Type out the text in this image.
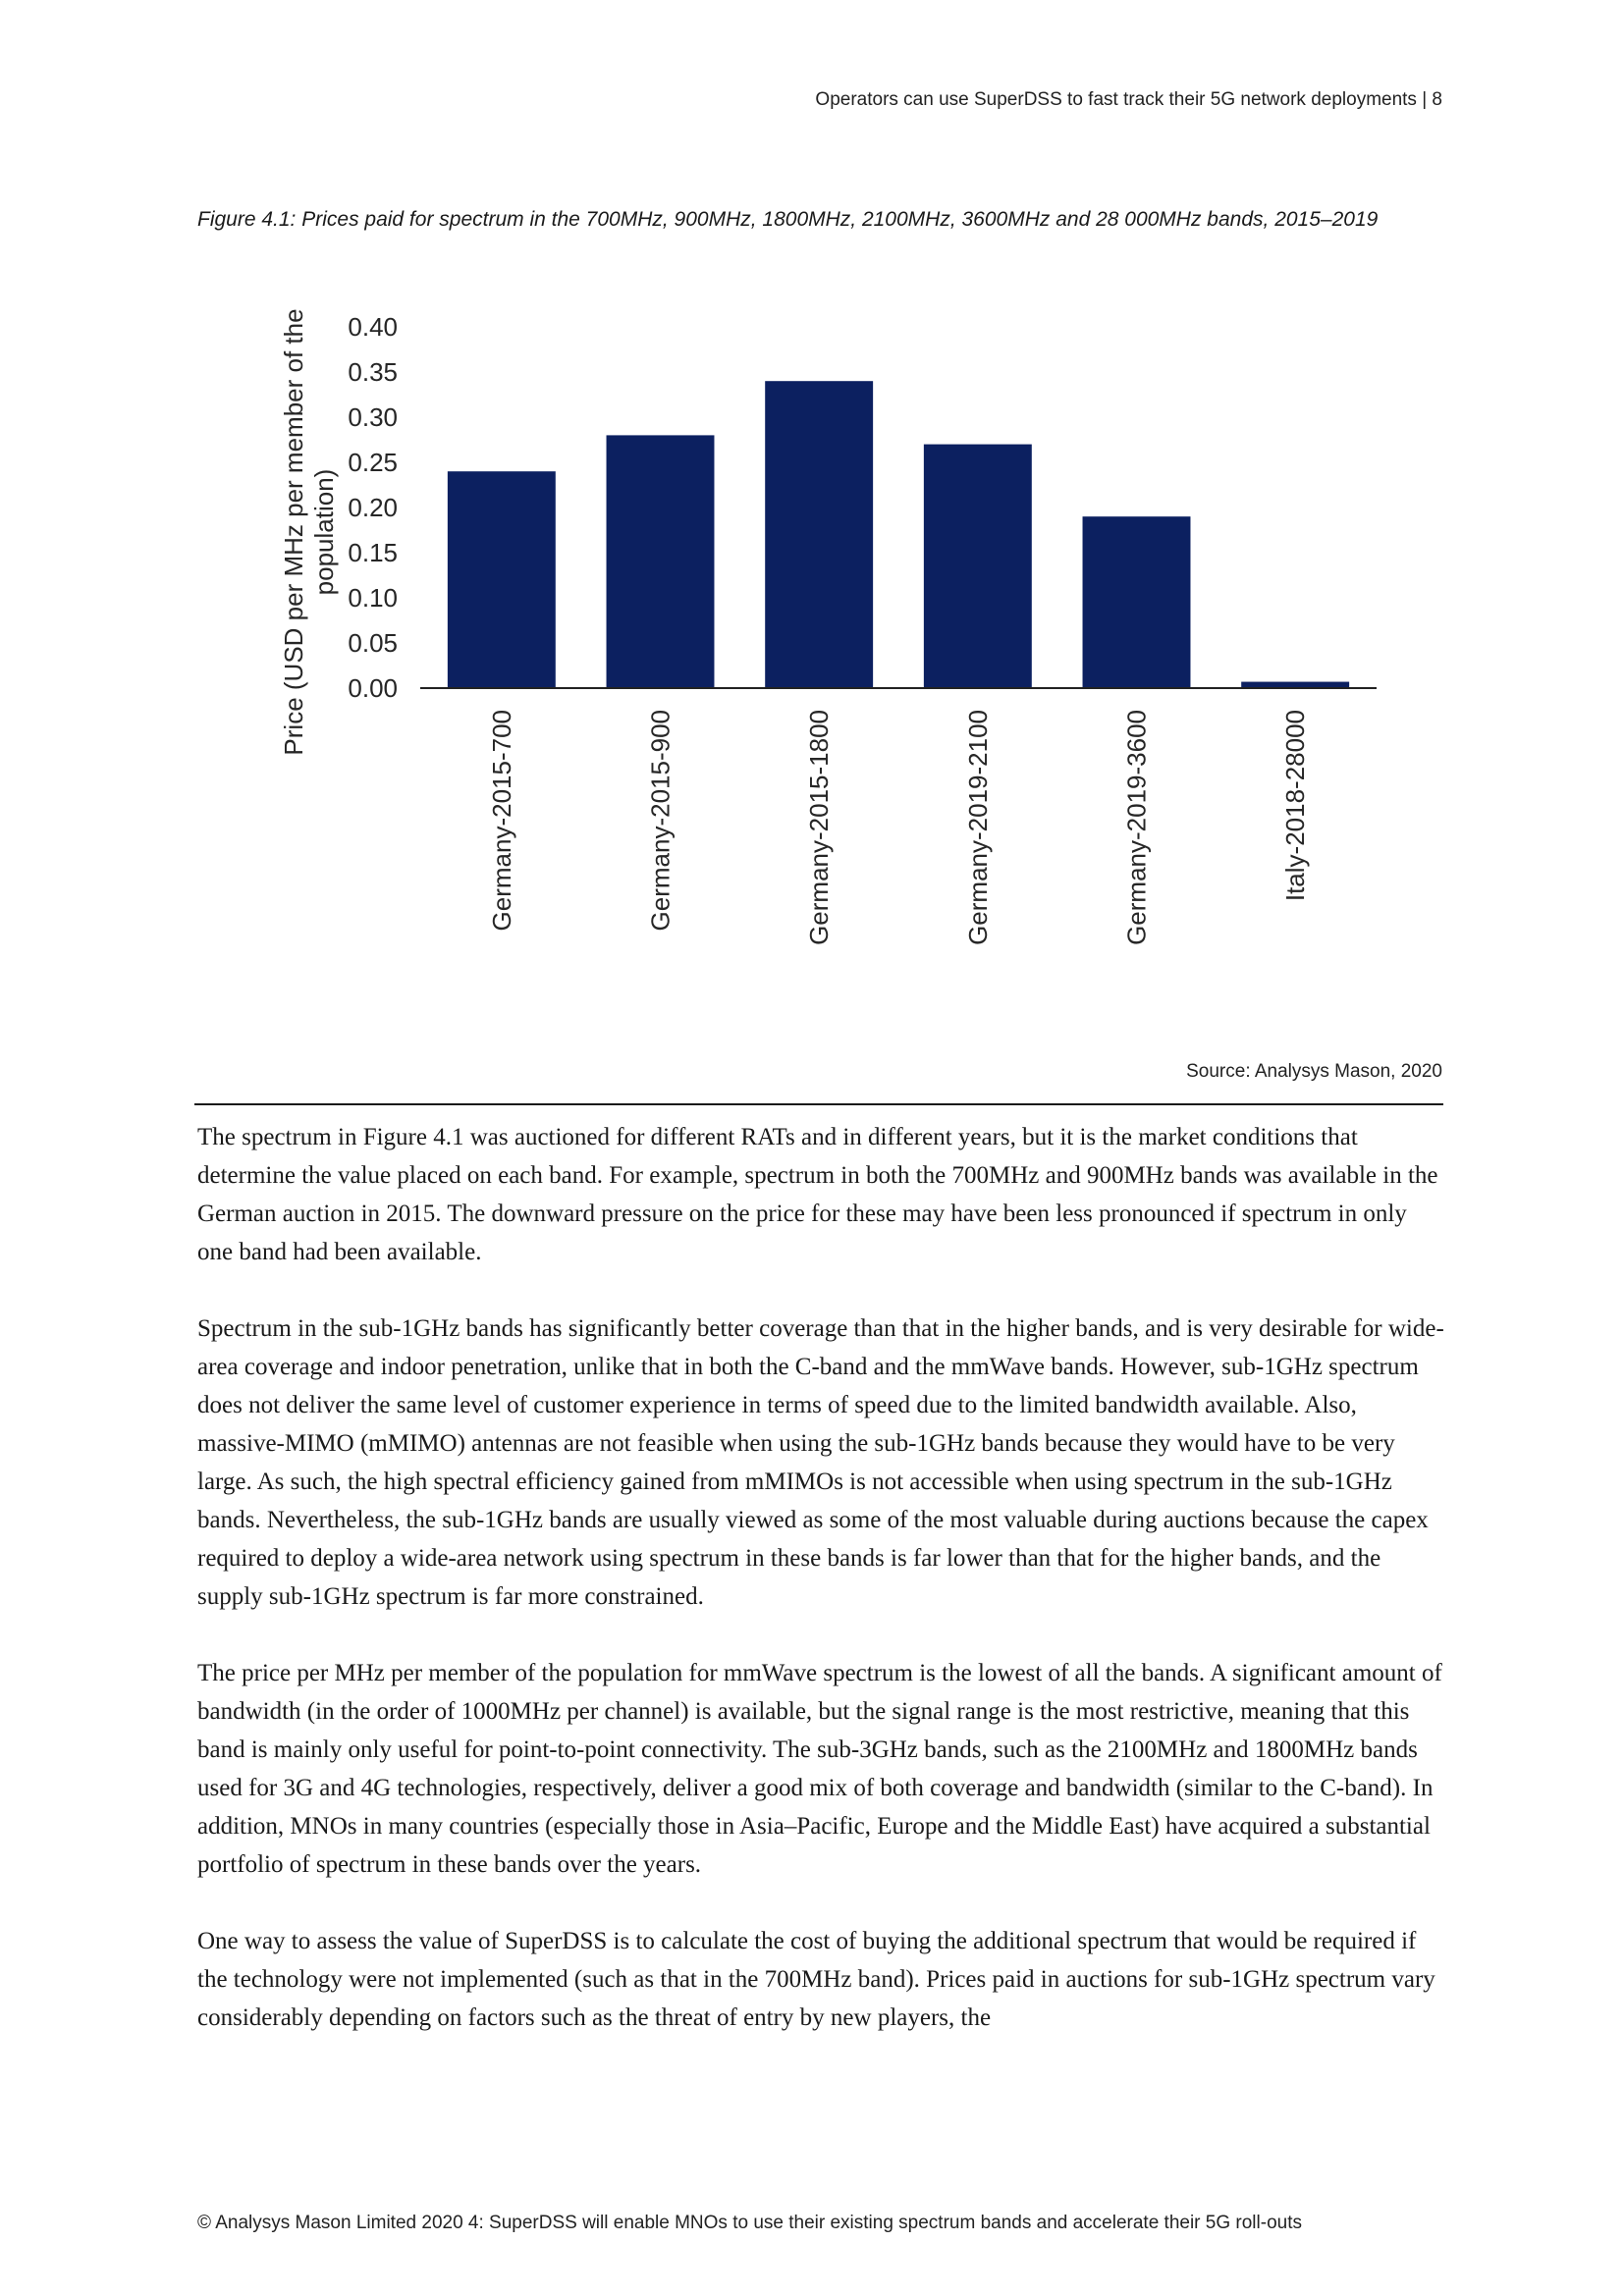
Operators can use SuperDSS to fast track their 5G network deployments | 8
Figure 4.1: Prices paid for spectrum in the 700MHz, 900MHz, 1800MHz, 2100MHz, 3600MHz and 28 000MHz bands, 2015–2019
0.00
0.05
0.10
0.15
0.20
0.25
0.30
0.35
0.40
Price (USD per MHz per member of thepopulation)
Germany-2015-700	Germany-2015-900	Germany-2015-1800	Germany-2019-2100	Germany-2019-3600	Italy-2018-28000
Source: Analysys Mason, 2020

The spectrum in Figure 4.1 was auctioned for different RATs and in different years, but it is the market conditions that determine the value placed on each band. For example, spectrum in both the 700MHz and 900MHz bands was available in the German auction in 2015. The downward pressure on the price for these may have been less pronounced if spectrum in only one band had been available.

Spectrum in the sub-1GHz bands has significantly better coverage than that in the higher bands, and is very desirable for wide-area coverage and indoor penetration, unlike that in both the C-band and the mmWave bands. However, sub-1GHz spectrum does not deliver the same level of customer experience in terms of speed due to the limited bandwidth available. Also, massive-MIMO (mMIMO) antennas are not feasible when using the sub-1GHz bands because they would have to be very large. As such, the high spectral efficiency gained from mMIMOs is not accessible when using spectrum in the sub-1GHz bands. Nevertheless, the sub-1GHz bands are usually viewed as some of the most valuable during auctions because the capex required to deploy a wide-area network using spectrum in these bands is far lower than that for the higher bands, and the supply sub-1GHz spectrum is far more constrained.

The price per MHz per member of the population for mmWave spectrum is the lowest of all the bands. A significant amount of bandwidth (in the order of 1000MHz per channel) is available, but the signal range is the most restrictive, meaning that this band is mainly only useful for point-to-point connectivity. The sub-3GHz bands, such as the 2100MHz and 1800MHz bands used for 3G and 4G technologies, respectively, deliver a good mix of both coverage and bandwidth (similar to the C-band). In addition, MNOs in many countries (especially those in Asia–Pacific, Europe and the Middle East) have acquired a substantial portfolio of spectrum in these bands over the years.

One way to assess the value of SuperDSS is to calculate the cost of buying the additional spectrum that would be required if the technology were not implemented (such as that in the 700MHz band). Prices paid in auctions for sub-1GHz spectrum vary considerably depending on factors such as the threat of entry by new players, the

© Analysys Mason Limited 2020 4: SuperDSS will enable MNOs to use their existing spectrum bands and accelerate their 5G roll-outs
